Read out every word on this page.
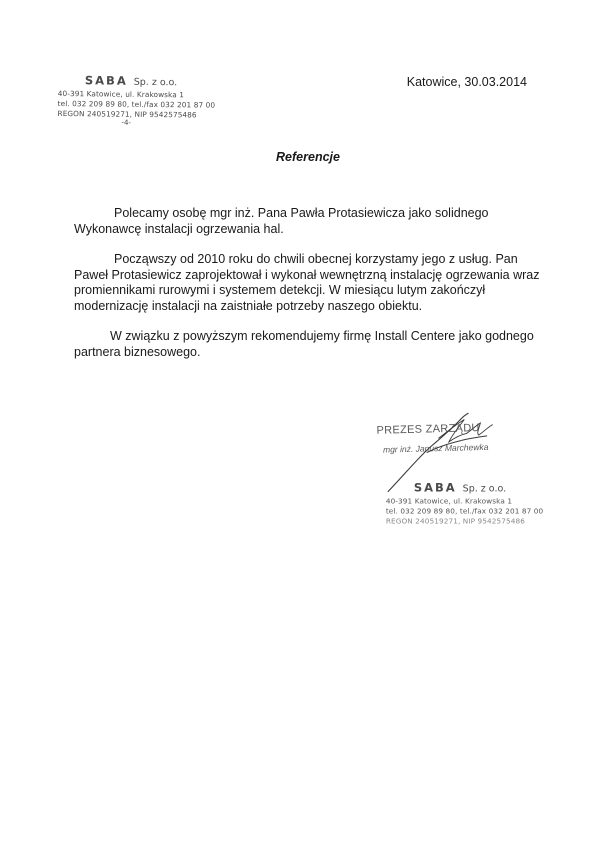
SABA Sp. z o.o.
40-391 Katowice, ul. Krakowska 1
tel. 032 209 89 80, tel./fax 032 201 87 00
REGON 240519271, NIP 9542575486
-4-
Katowice, 30.03.2014
Referencje

Polecamy osobę mgr inż. Pana Pawła Protasiewicza jako solidnego
Wykonawcę instalacji ogrzewania hal.

Począwszy od 2010 roku do chwili obecnej korzystamy jego z usług. Pan
Paweł Protasiewicz zaprojektował i wykonał wewnętrzną instalację ogrzewania wraz
promiennikami rurowymi i systemem detekcji. W miesiącu lutym zakończył
modernizację instalacji na zaistniałe potrzeby naszego obiektu.

W związku z powyższym rekomendujemy firmę Install Centere jako godnego
partnera biznesowego.

PREZES ZARZĄDU
mgr inż. Janusz Marchewka
SABA Sp. z o.o.
40-391 Katowice, ul. Krakowska 1
tel. 032 209 89 80, tel./fax 032 201 87 00
REGON 240519271, NIP 9542575486
